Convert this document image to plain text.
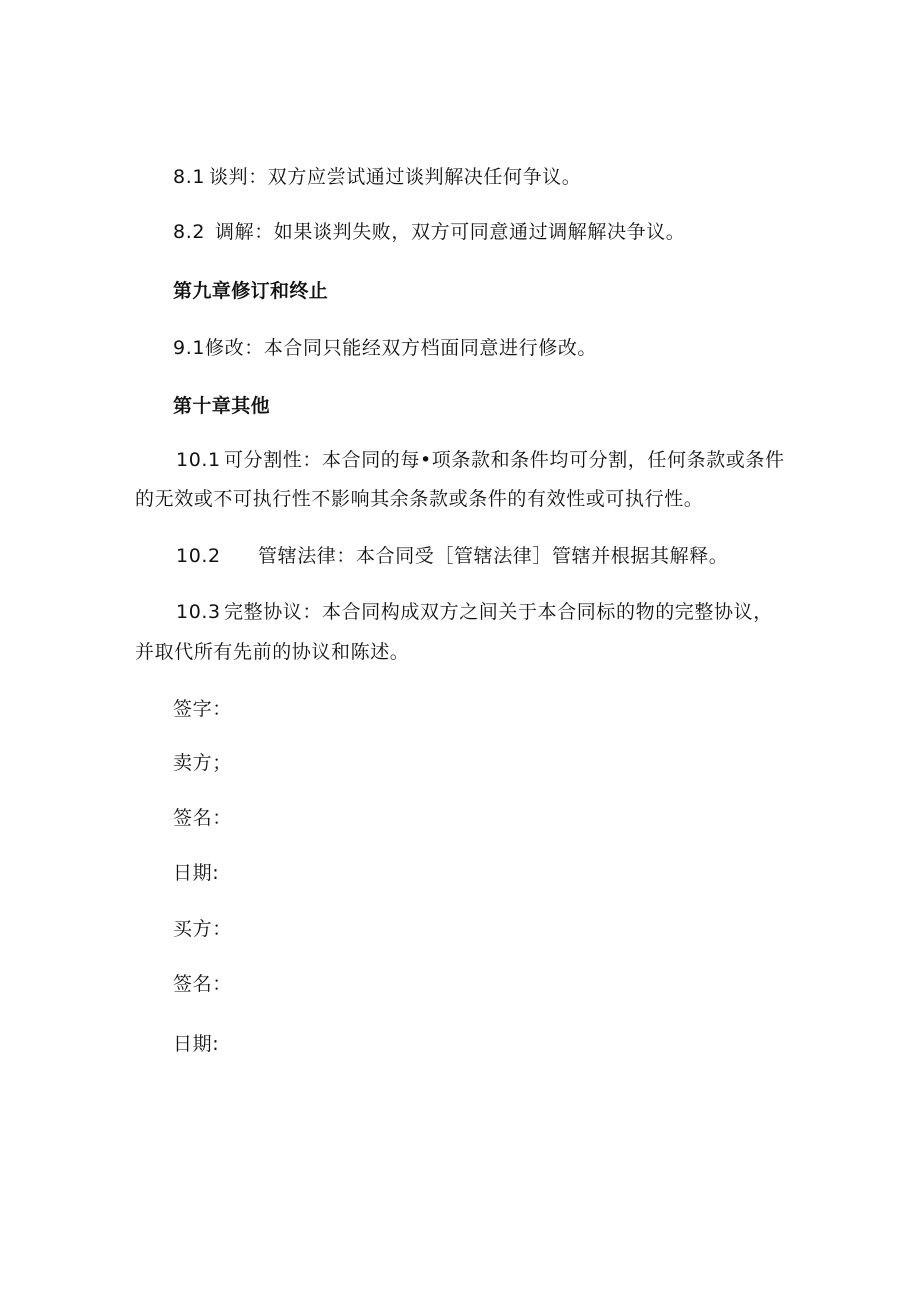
8.1 谈判：双方应尝试通过谈判解决任何争议。
8.2 调解：如果谈判失败，双方可同意通过调解解决争议。
第九章修订和终止
9.1修改：本合同只能经双方档面同意进行修改。
第十章其他
10.1 可分割性：本合同的每•项条款和条件均可分割，任何条款或条件
的无效或不可执行性不影响其余条款或条件的有效性或可执行性。
10.2 管辖法律：本合同受［管辖法律］管辖并根据其解释。
10.3 完整协议：本合同构成双方之间关于本合同标的物的完整协议，
并取代所有先前的协议和陈述。
签字：
卖方；
签名：
日期:
买方：
签名：
日期:
